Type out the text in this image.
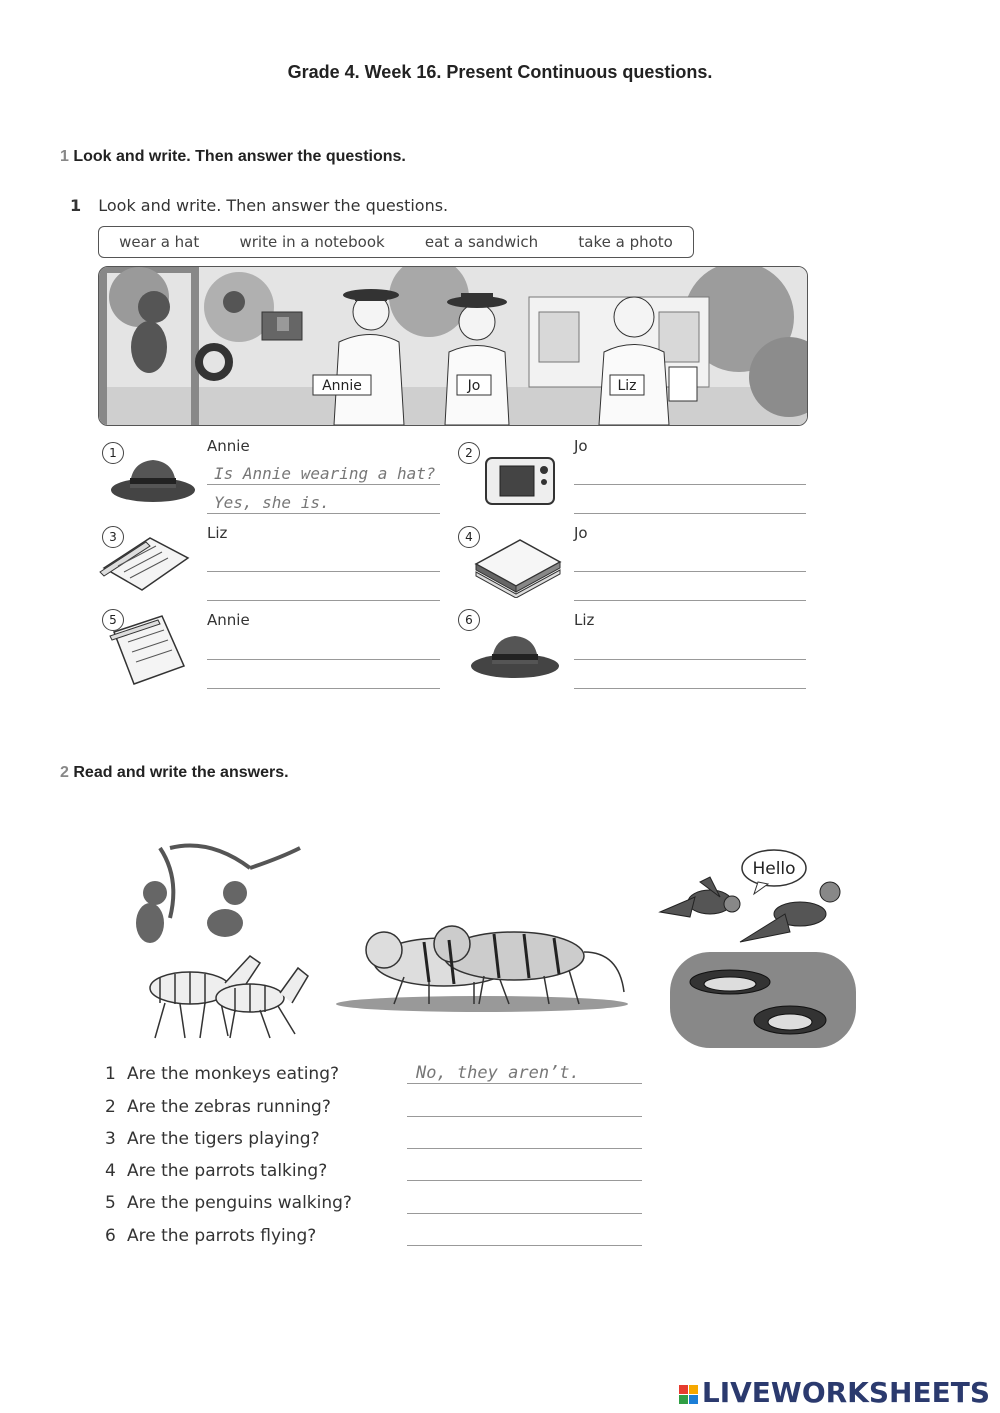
Grade 4. Week 16. Present Continuous questions.
1 Look and write. Then answer the questions.
1 Look and write. Then answer the questions.
wear a hat	write in a notebook	eat a sandwich	take a photo
Annie	Jo	Liz
1	Annie
Is Annie wearing a hat?
Yes, she is.
3	Liz
5	Annie
2	Jo
4	Jo
6	Liz
2 Read and write the answers.
Hello
1 Are the monkeys eating?	No, they aren’t.
2 Are the zebras running?
3 Are the tigers playing?
4 Are the parrots talking?
5 Are the penguins walking?
6 Are the parrots flying?
LIVEWORKSHEETS
